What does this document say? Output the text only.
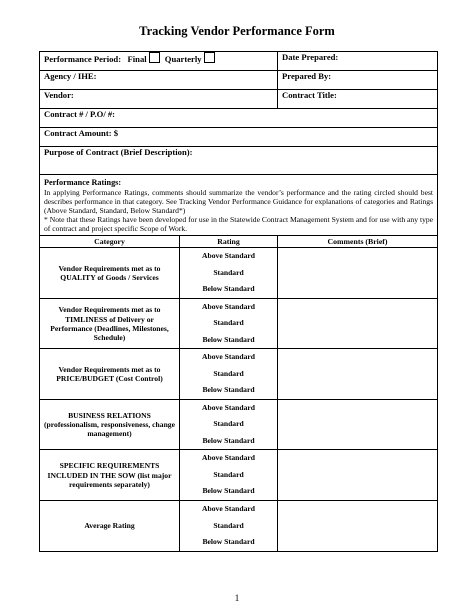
Tracking Vendor Performance Form
Performance Period: Final Quarterly		Date Prepared:
Agency / IHE:		Prepared By:
Vendor:		Contract Title:
Contract # / P.O/ #:		
Contract Amount: $		
Purpose of Contract (Brief Description):		

Performance Ratings:
In applying Performance Ratings, comments should summarize the vendor’s performance and the rating circled should best describes performance in that category. See Tracking Vendor Performance Guidance for explanations of categories and Ratings (Above Standard, Standard, Below Standard*)
* Note that these Ratings have been developed for use in the Statewide Contract Management System and for use with any type of contract and project specific Scope of Work.		

Category	Rating	Comments (Brief)
Vendor Requirements met as to QUALITY of Goods / Services	Above Standard
Standard
Below Standard	

Vendor Requirements met as to TIMLINESS of Delivery or Performance (Deadlines, Milestones, Schedule)	Above Standard
Standard
Below Standard	

Vendor Requirements met as to PRICE/BUDGET (Cost Control)	Above Standard
Standard
Below Standard	

BUSINESS RELATIONS (professionalism, responsiveness, change management)	Above Standard
Standard
Below Standard	

SPECIFIC REQUIREMENTS INCLUDED IN THE SOW (list major requirements separately)	Above Standard
Standard
Below Standard	

Average Rating	Above Standard
Standard
Below Standard	

1
